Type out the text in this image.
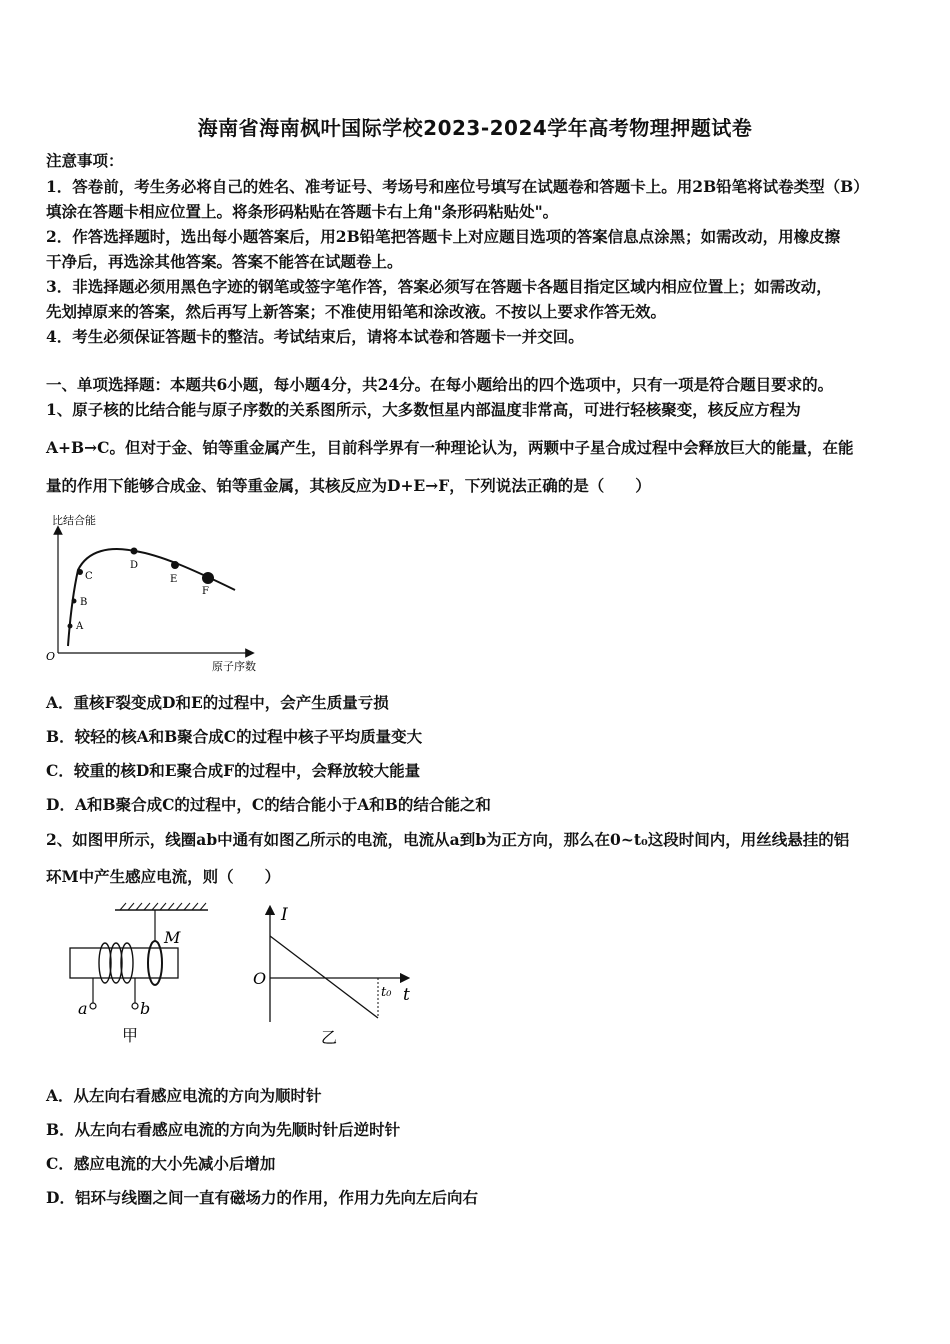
海南省海南枫叶国际学校2023-2024学年高考物理押题试卷
注意事项：
1．答卷前，考生务必将自己的姓名、准考证号、考场号和座位号填写在试题卷和答题卡上。用2B铅笔将试卷类型（B）
填涂在答题卡相应位置上。将条形码粘贴在答题卡右上角"条形码粘贴处"。
2．作答选择题时，选出每小题答案后，用2B铅笔把答题卡上对应题目选项的答案信息点涂黑；如需改动，用橡皮擦
干净后，再选涂其他答案。答案不能答在试题卷上。
3．非选择题必须用黑色字迹的钢笔或签字笔作答，答案必须写在答题卡各题目指定区域内相应位置上；如需改动，
先划掉原来的答案，然后再写上新答案；不准使用铅笔和涂改液。不按以上要求作答无效。
4．考生必须保证答题卡的整洁。考试结束后，请将本试卷和答题卡一并交回。
一、单项选择题：本题共6小题，每小题4分，共24分。在每小题给出的四个选项中，只有一项是符合题目要求的。
1、原子核的比结合能与原子序数的关系图所示，大多数恒星内部温度非常高，可进行轻核聚变，核反应方程为
A+B→C。但对于金、铂等重金属产生，目前科学界有一种理论认为，两颗中子星合成过程中会释放巨大的能量，在能
量的作用下能够合成金、铂等重金属，其核反应为D+E→F，下列说法正确的是（　　）
比结合能
原子序数
O
A
B
C
D
E
F
A．重核F裂变成D和E的过程中，会产生质量亏损
B．较轻的核A和B聚合成C的过程中核子平均质量变大
C．较重的核D和E聚合成F的过程中，会释放较大能量
D．A和B聚合成C的过程中，C的结合能小于A和B的结合能之和
2、如图甲所示，线圈ab中通有如图乙所示的电流，电流从a到b为正方向，那么在0~t₀这段时间内，用丝线悬挂的铝
环M中产生感应电流，则（　　）
M
a	b
甲
I
t
O
t₀
乙
A．从左向右看感应电流的方向为顺时针
B．从左向右看感应电流的方向为先顺时针后逆时针
C．感应电流的大小先减小后增加
D．铝环与线圈之间一直有磁场力的作用，作用力先向左后向右
